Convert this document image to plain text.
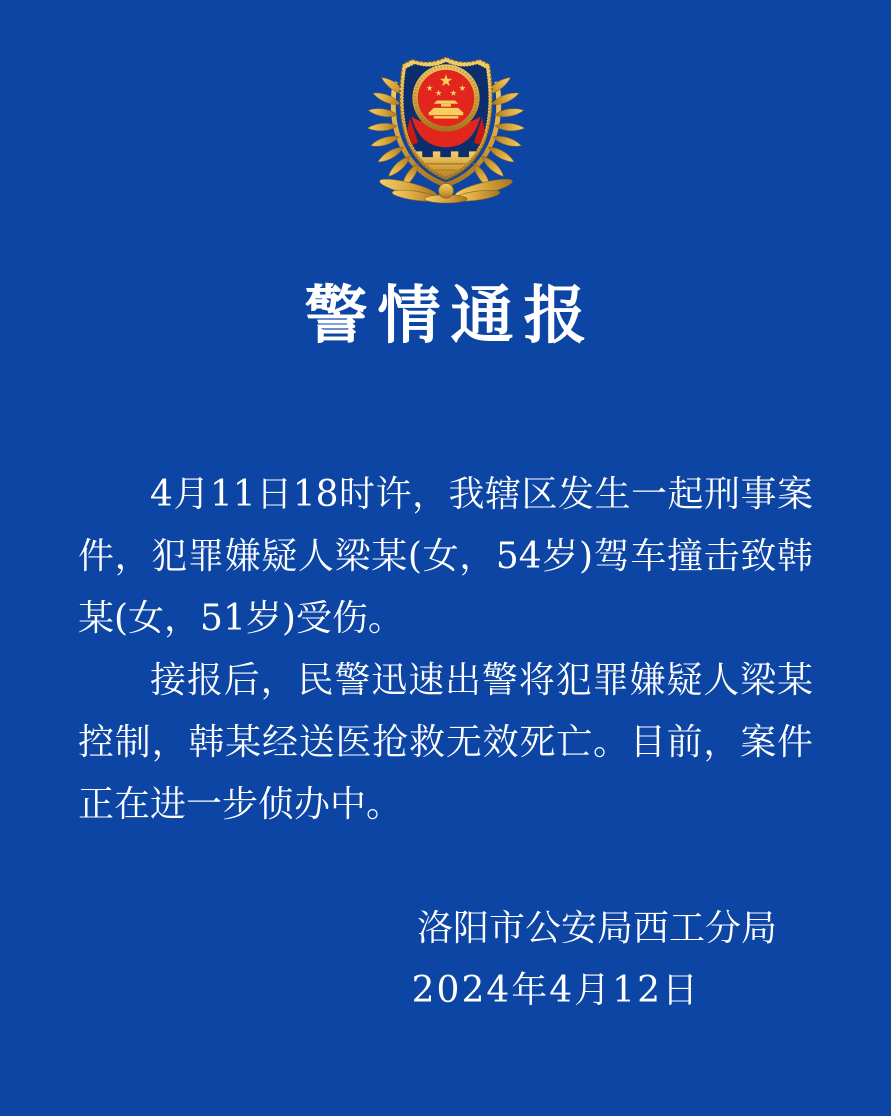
警情通报
4月11日18时许，我辖区发生一起刑事案
件，犯罪嫌疑人梁某(女，54岁)驾车撞击致韩
某(女，51岁)受伤。
接报后，民警迅速出警将犯罪嫌疑人梁某
控制，韩某经送医抢救无效死亡。目前，案件
正在进一步侦办中。
洛阳市公安局西工分局
2024年4月12日
